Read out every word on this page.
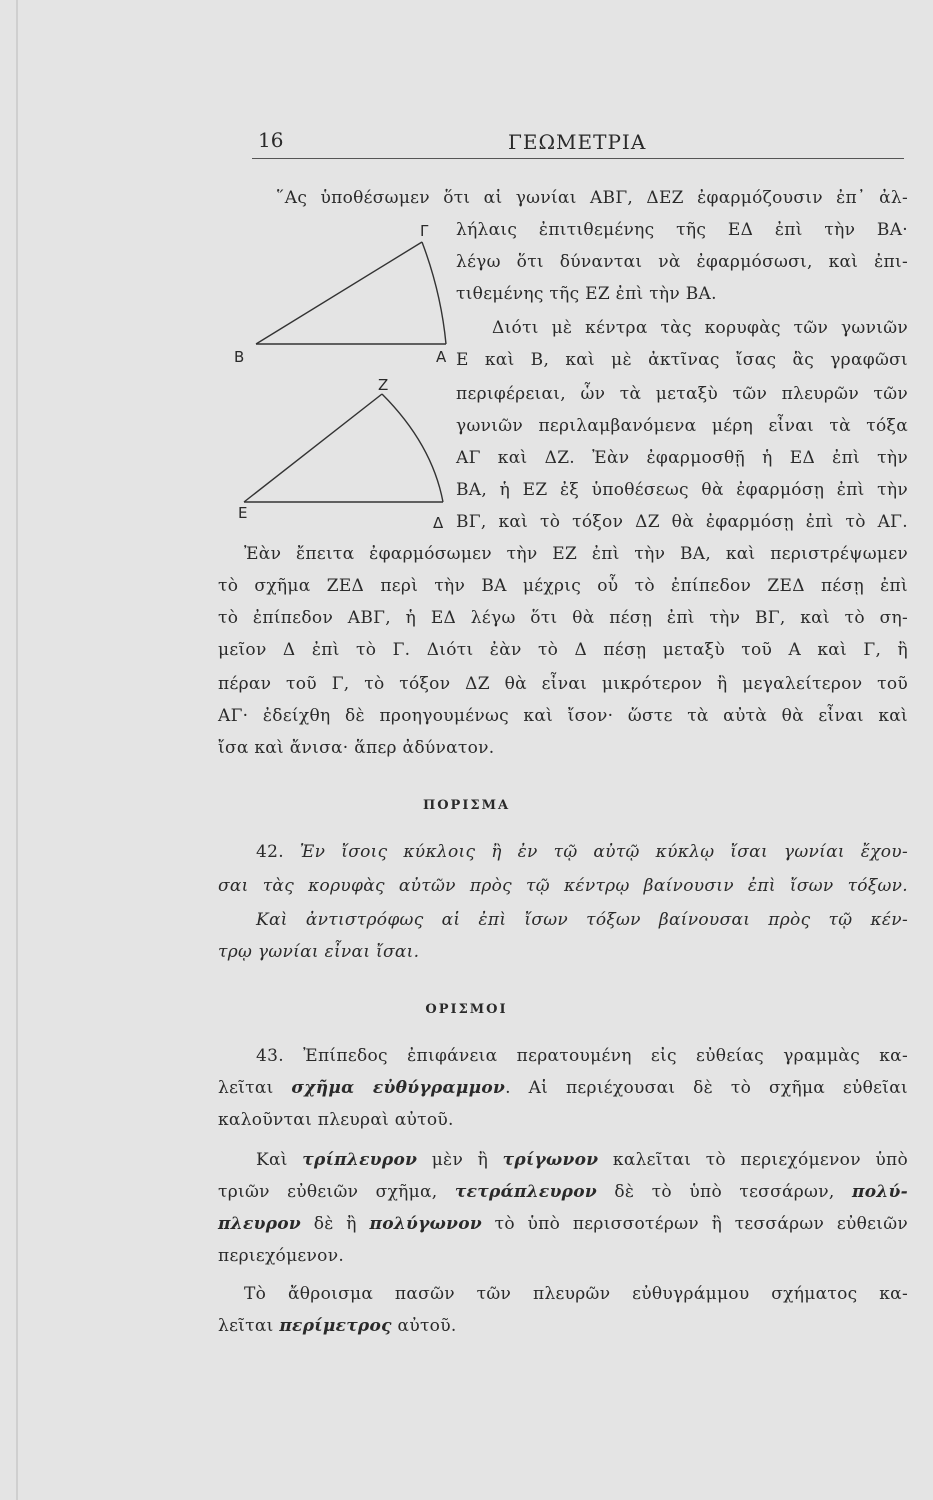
16	ΓΕΩΜΕΤΡΙΑ
Γ
Β	Α
Ζ
Ε
Δ
῞Ας ὑποθέσωμεν ὅτι αἱ γωνίαι ΑΒΓ, ΔΕΖ ἐφαρμόζουσιν ἐπ᾽ ἀλ-
λήλαις ἐπιτιθεμένης τῆς ΕΔ ἐπὶ τὴν ΒΑ·
λέγω ὅτι δύνανται νὰ ἐφαρμόσωσι, καὶ ἐπι-
τιθεμένης τῆς ΕΖ ἐπὶ τὴν ΒΑ.
Διότι μὲ κέντρα τὰς κορυφὰς τῶν γωνιῶν
Ε καὶ Β, καὶ μὲ ἀκτῖνας ἴσας ἃς γραφῶσι
περιφέρειαι, ὧν τὰ μεταξὺ τῶν πλευρῶν τῶν
γωνιῶν περιλαμβανόμενα μέρη εἶναι τὰ τόξα
ΑΓ καὶ ΔΖ. Ἐὰν ἐφαρμοσθῇ ἡ ΕΔ ἐπὶ τὴν
ΒΑ, ἡ ΕΖ ἐξ ὑποθέσεως θὰ ἐφαρμόσῃ ἐπὶ τὴν
ΒΓ, καὶ τὸ τόξον ΔΖ θὰ ἐφαρμόσῃ ἐπὶ τὸ ΑΓ.
Ἐὰν ἔπειτα ἐφαρμόσωμεν τὴν ΕΖ ἐπὶ τὴν ΒΑ, καὶ περιστρέψωμεν
τὸ σχῆμα ΖΕΔ περὶ τὴν ΒΑ μέχρις οὗ τὸ ἐπίπεδον ΖΕΔ πέσῃ ἐπὶ
τὸ ἐπίπεδον ΑΒΓ, ἡ ΕΔ λέγω ὅτι θὰ πέσῃ ἐπὶ τὴν ΒΓ, καὶ τὸ ση-
μεῖον Δ ἐπὶ τὸ Γ. Διότι ἐὰν τὸ Δ πέσῃ μεταξὺ τοῦ Α καὶ Γ, ἢ
πέραν τοῦ Γ, τὸ τόξον ΔΖ θὰ εἶναι μικρότερον ἢ μεγαλείτερον τοῦ
ΑΓ· ἐδείχθη δὲ προηγουμένως καὶ ἴσον· ὥστε τὰ αὐτὰ θὰ εἶναι καὶ
ἴσα καὶ ἄνισα· ἅπερ ἀδύνατον.
ΠΟΡΙΣΜΑ
42. Ἐν ἴσοις κύκλοις ἢ ἐν τῷ αὐτῷ κύκλῳ ἴσαι γωνίαι ἔχου-
σαι τὰς κορυφὰς αὐτῶν πρὸς τῷ κέντρῳ βαίνουσιν ἐπὶ ἴσων τόξων.
Καὶ ἀντιστρόφως αἱ ἐπὶ ἴσων τόξων βαίνουσαι πρὸς τῷ κέν-
τρῳ γωνίαι εἶναι ἴσαι.
ΟΡΙΣΜΟΙ
43. Ἐπίπεδος ἐπιφάνεια περατουμένη εἰς εὐθείας γραμμὰς κα-
λεῖται σχῆμα εὐθύγραμμον. Αἱ περιέχουσαι δὲ τὸ σχῆμα εὐθεῖαι
καλοῦνται πλευραὶ αὐτοῦ.
Καὶ τρίπλευρον μὲν ἢ τρίγωνον καλεῖται τὸ περιεχόμενον ὑπὸ
τριῶν εὐθειῶν σχῆμα, τετράπλευρον δὲ τὸ ὑπὸ τεσσάρων, πολύ-
πλευρον δὲ ἢ πολύγωνον τὸ ὑπὸ περισσοτέρων ἢ τεσσάρων εὐθειῶν
περιεχόμενον.
Τὸ ἄθροισμα πασῶν τῶν πλευρῶν εὐθυγράμμου σχήματος κα-
λεῖται περίμετρος αὐτοῦ.
